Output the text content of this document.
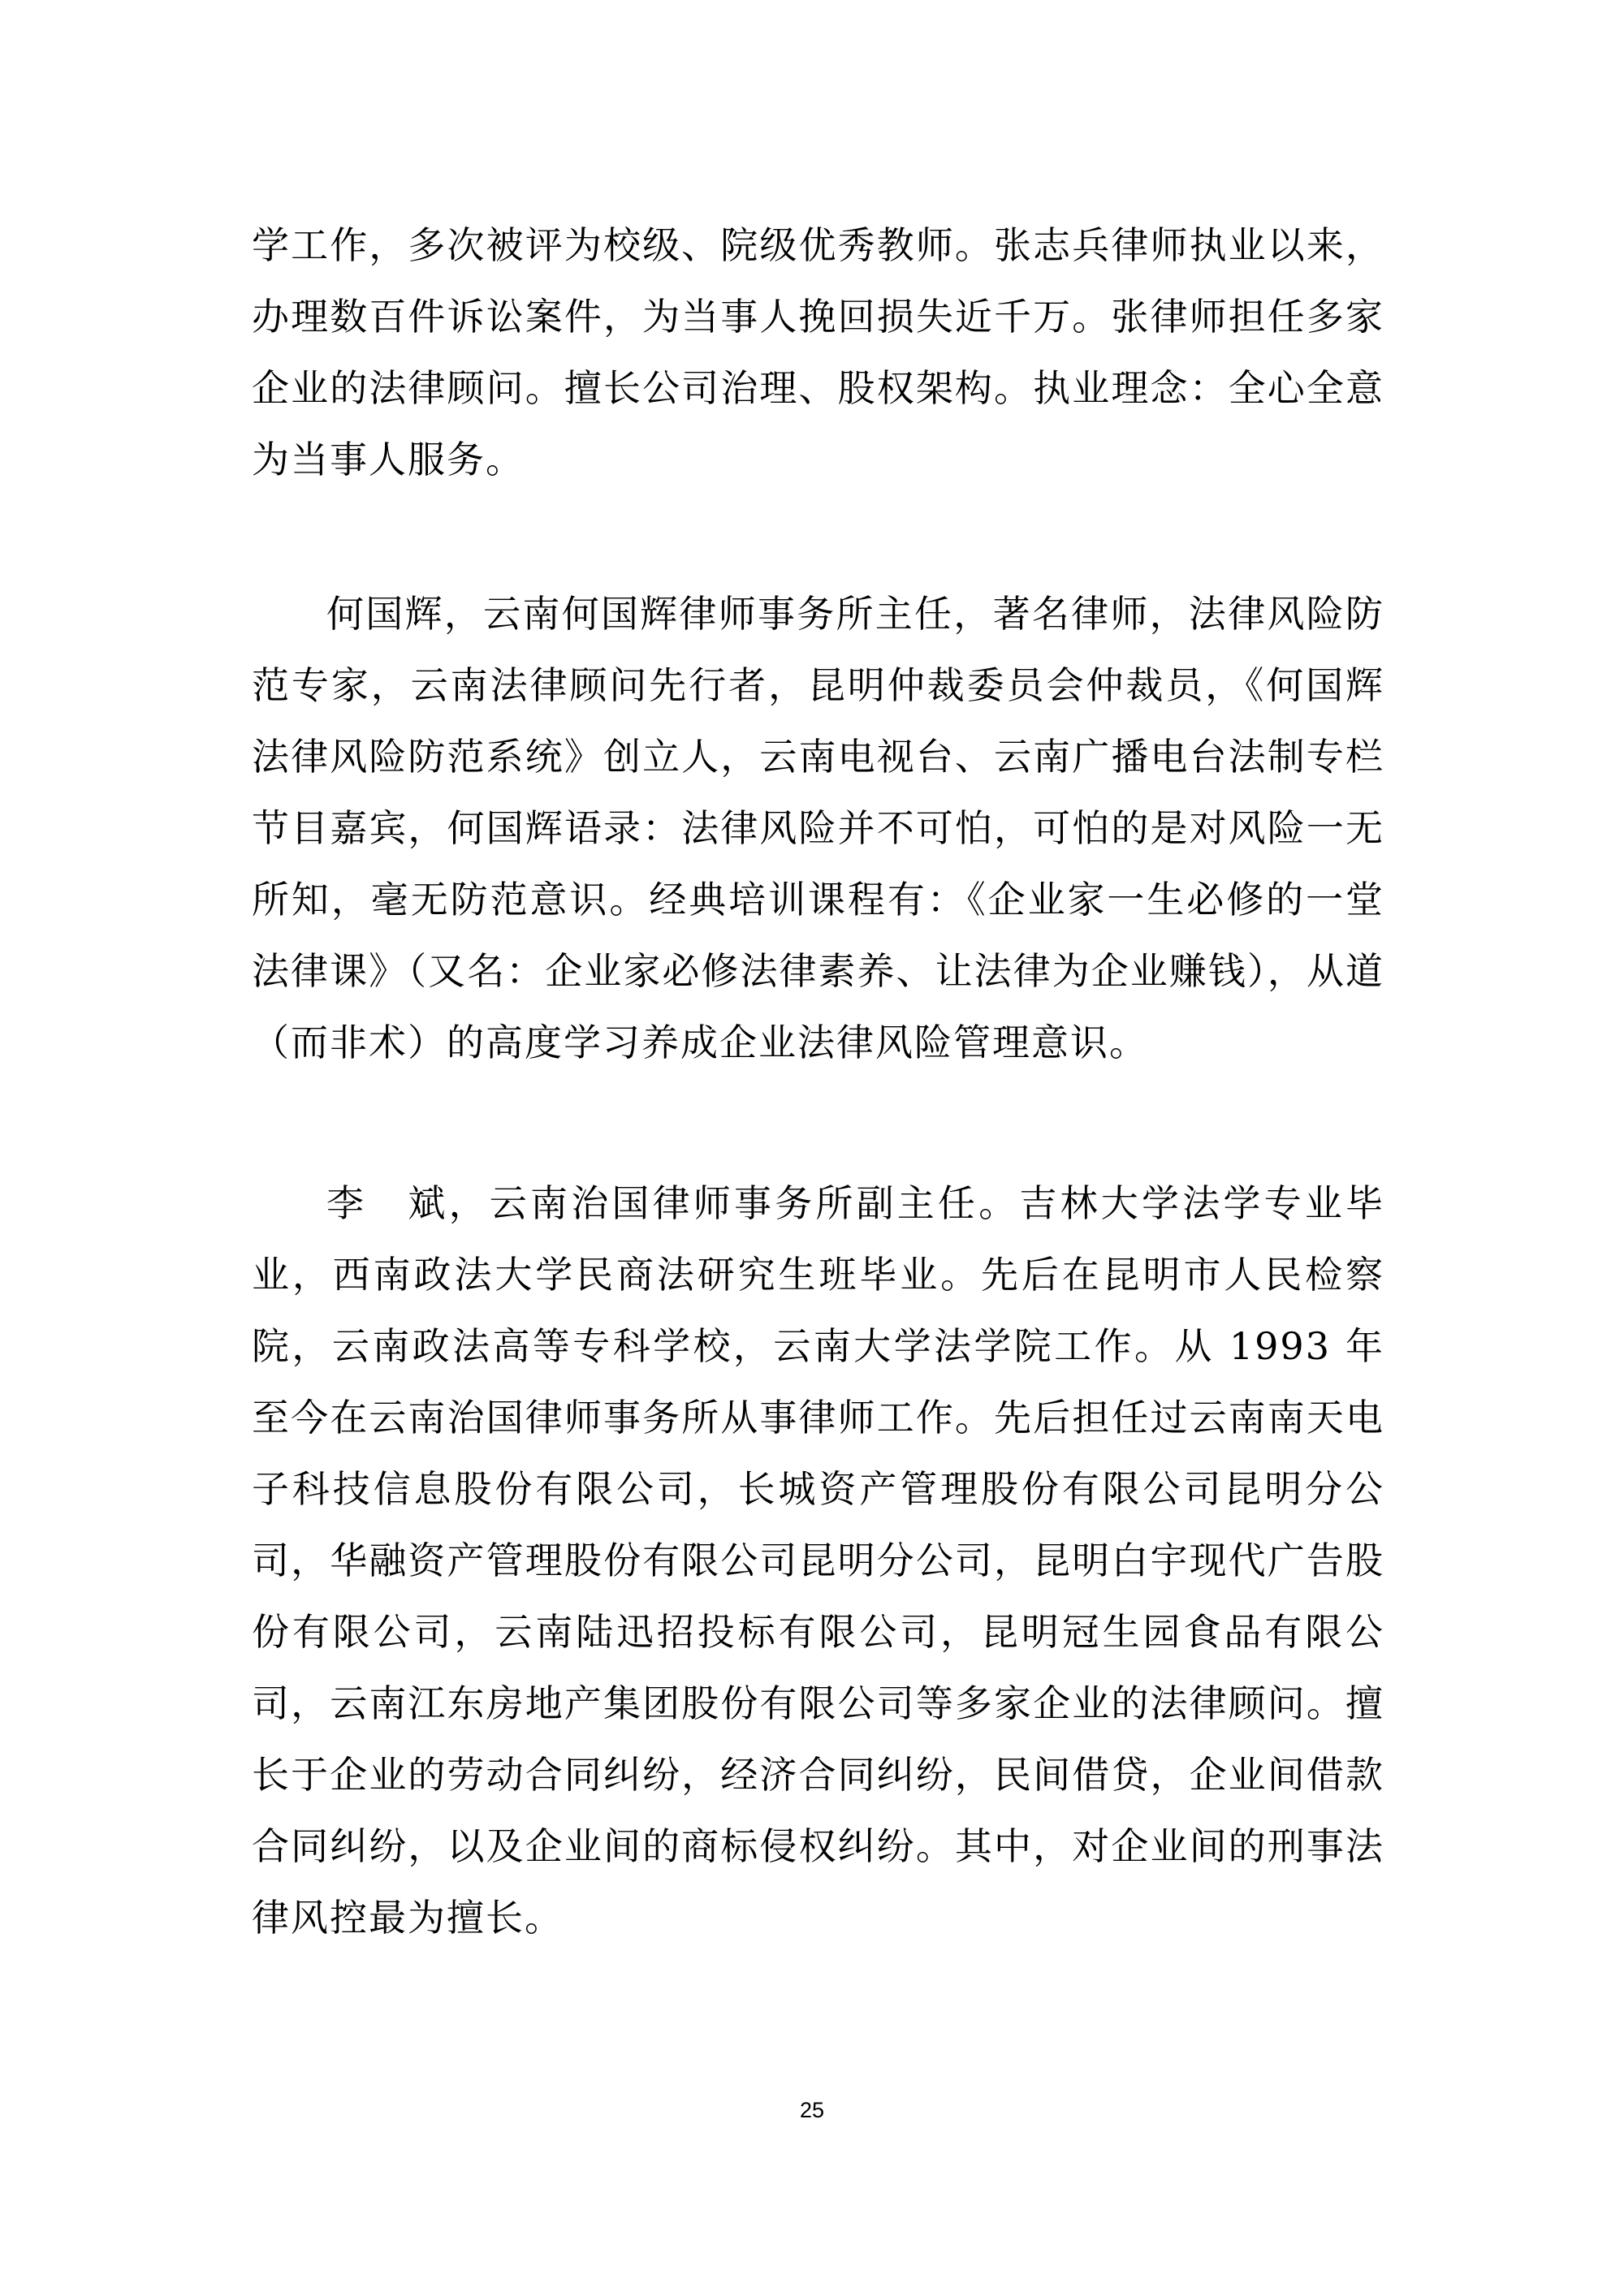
学工作，多次被评为校级、院级优秀教师。张志兵律师执业以来，办理数百件诉讼案件，为当事人挽回损失近千万。张律师担任多家企业的法律顾问。擅长公司治理、股权架构。执业理念：全心全意为当事人服务。

何国辉，云南何国辉律师事务所主任，著名律师，法律风险防范专家，云南法律顾问先行者，昆明仲裁委员会仲裁员，《何国辉法律风险防范系统》创立人，云南电视台、云南广播电台法制专栏节目嘉宾，何国辉语录：法律风险并不可怕，可怕的是对风险一无所知，毫无防范意识。经典培训课程有：《企业家一生必修的一堂法律课》（又名：企业家必修法律素养、让法律为企业赚钱），从道（而非术）的高度学习养成企业法律风险管理意识。

李　斌，云南治国律师事务所副主任。吉林大学法学专业毕业，西南政法大学民商法研究生班毕业。先后在昆明市人民检察院，云南政法高等专科学校，云南大学法学院工作。从 1993 年至今在云南治国律师事务所从事律师工作。先后担任过云南南天电子科技信息股份有限公司，长城资产管理股份有限公司昆明分公司，华融资产管理股份有限公司昆明分公司，昆明白宇现代广告股份有限公司，云南陆迅招投标有限公司，昆明冠生园食品有限公司，云南江东房地产集团股份有限公司等多家企业的法律顾问。擅长于企业的劳动合同纠纷，经济合同纠纷，民间借贷，企业间借款合同纠纷，以及企业间的商标侵权纠纷。其中，对企业间的刑事法律风控最为擅长。

25
